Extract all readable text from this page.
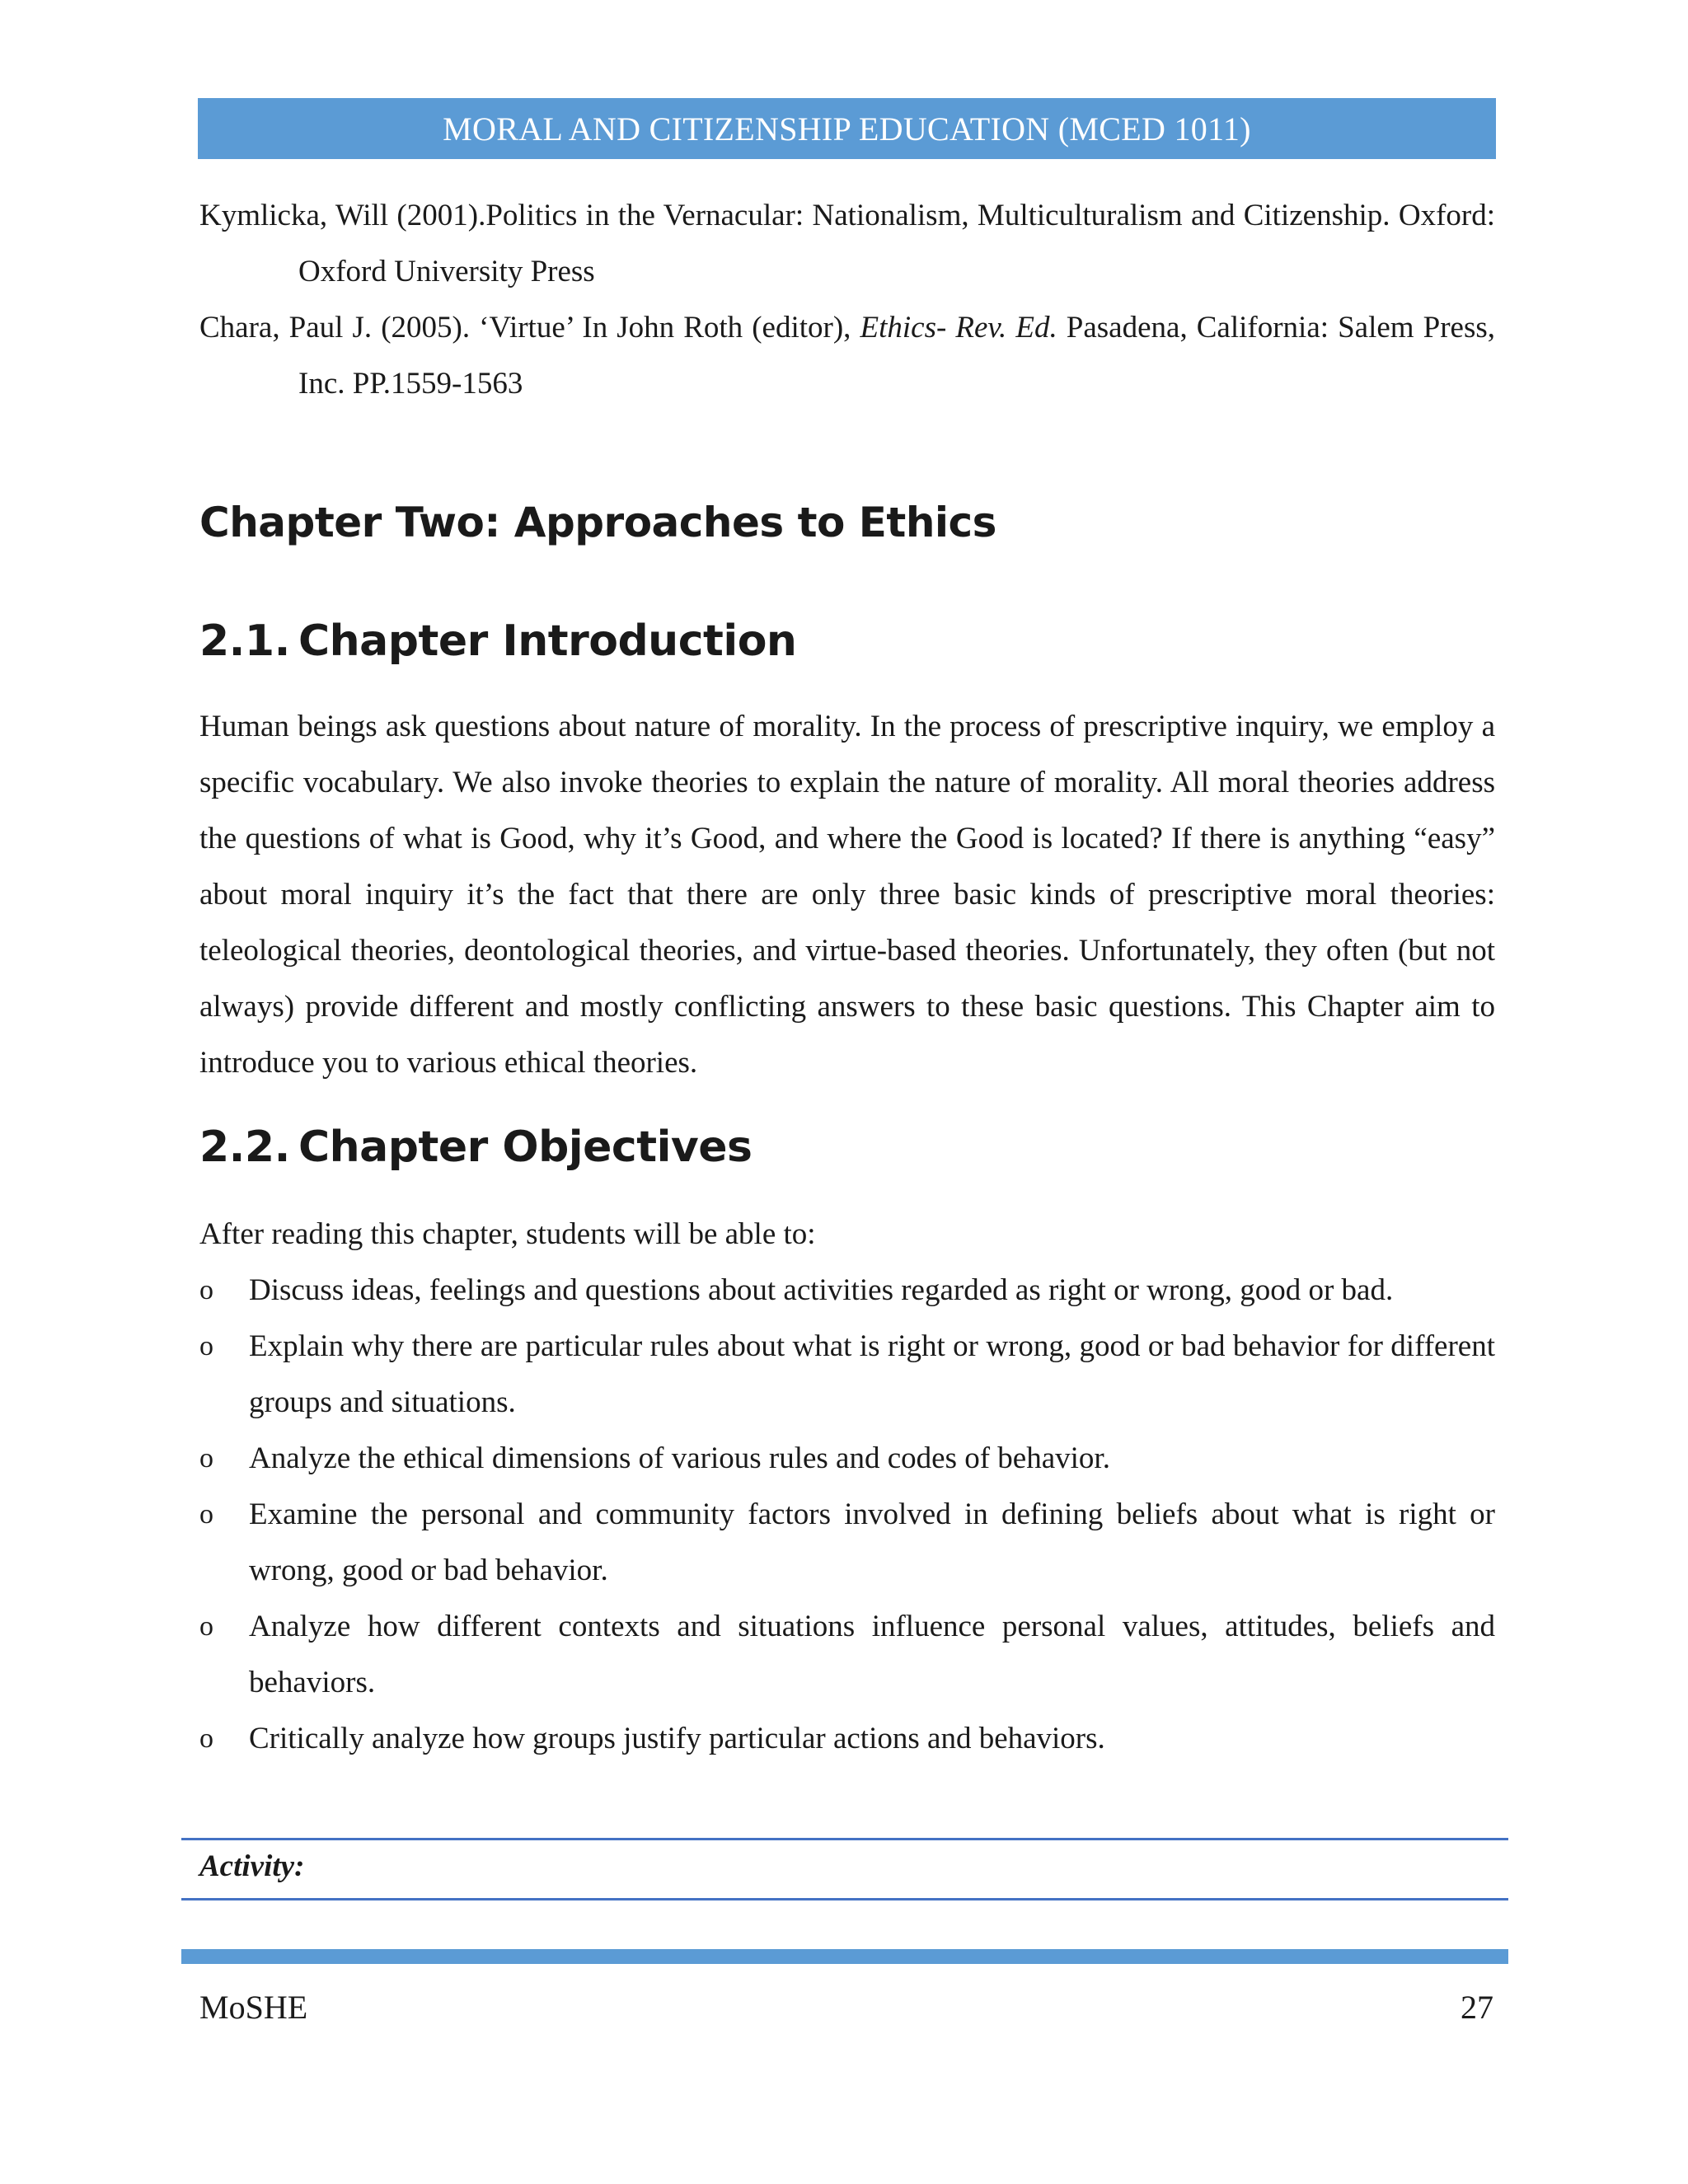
MORAL AND CITIZENSHIP EDUCATION (MCED 1011)

Kymlicka, Will (2001).Politics in the Vernacular: Nationalism, Multiculturalism and Citizenship. Oxford: Oxford University Press

Chara, Paul J. (2005). ‘Virtue’ In John Roth (editor), Ethics- Rev. Ed. Pasadena, California: Salem Press, Inc. PP.1559-1563

Chapter Two: Approaches to Ethics
2.1. Chapter Introduction

Human beings ask questions about nature of morality. In the process of prescriptive inquiry, we employ a specific vocabulary. We also invoke theories to explain the nature of morality. All moral theories address the questions of what is Good, why it’s Good, and where the Good is located? If there is anything “easy” about moral inquiry it’s the fact that there are only three basic kinds of prescriptive moral theories: teleological theories, deontological theories, and virtue-based theories. Unfortunately, they often (but not always) provide different and mostly conflicting answers to these basic questions. This Chapter aim to introduce you to various ethical theories.

2.2. Chapter Objectives

After reading this chapter, students will be able to:

o Discuss ideas, feelings and questions about activities regarded as right or wrong, good or bad.
o Explain why there are particular rules about what is right or wrong, good or bad behavior for different groups and situations.
o Analyze the ethical dimensions of various rules and codes of behavior.
o Examine the personal and community factors involved in defining beliefs about what is right or wrong, good or bad behavior.
o Analyze how different contexts and situations influence personal values, attitudes, beliefs and behaviors.
o Critically analyze how groups justify particular actions and behaviors.
Activity:
MoSHE	27
